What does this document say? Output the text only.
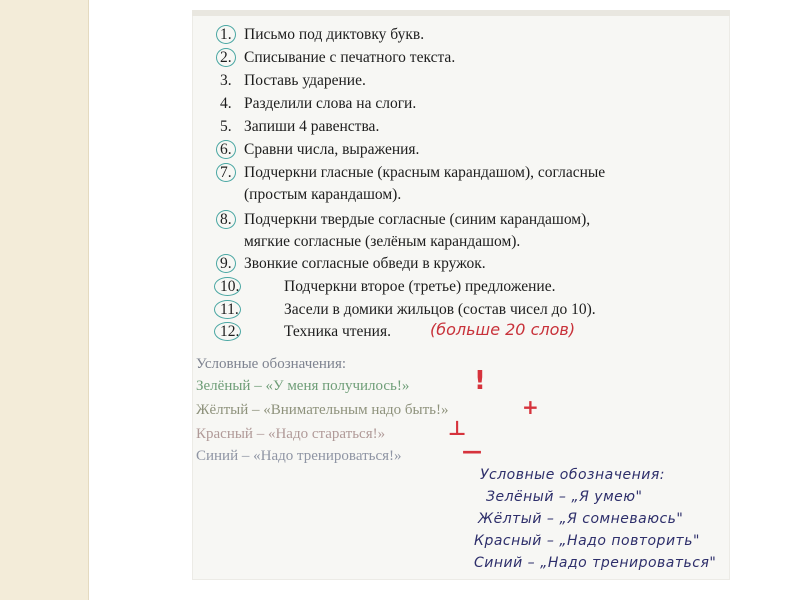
1. Письмо под диктовку букв.
2. Списывание с печатного текста.
3. Поставь ударение.
4. Разделили слова на слоги.
5. Запиши 4 равенства.
6. Сравни числа, выражения.
7. Подчеркни гласные (красным карандашом), согласные
(простым карандашом).
8. Подчеркни твердые согласные (синим карандашом),
мягкие согласные (зелёным карандашом).
9. Звонкие согласные обведи в кружок.
10.	Подчеркни второе (третье) предложение.
11.	Засели в домики жильцов (состав чисел до 10).
12.	Техника чтения. (больше 20 слов)
Условные обозначения:
Зелёный – «У меня получилось!» !
Жёлтый – «Внимательным надо быть!»	+
Красный – «Надо стараться!»	⊥
Синий – «Надо тренироваться!»	—
Условные обозначения:
Зелёный – „Я умею"
Жёлтый – „Я сомневаюсь"
Красный – „Надо повторить"
Синий – „Надо тренироваться"
